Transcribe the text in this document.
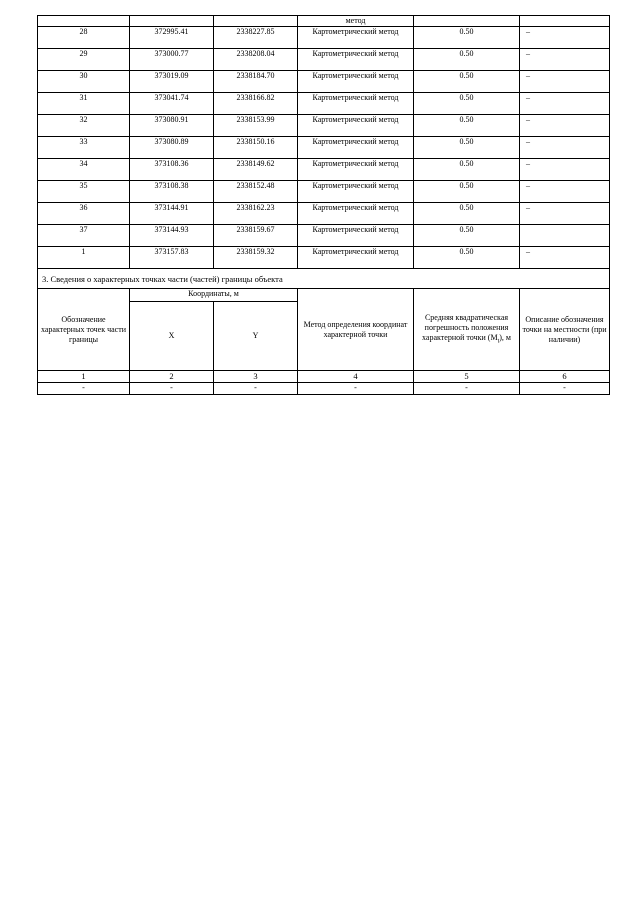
			метод		
28	372995.41	2338227.85	Картометрический метод	0.50	–
29	373000.77	2338208.04	Картометрический метод	0.50	–
30	373019.09	2338184.70	Картометрический метод	0.50	–
31	373041.74	2338166.82	Картометрический метод	0.50	–
32	373080.91	2338153.99	Картометрический метод	0.50	–
33	373080.89	2338150.16	Картометрический метод	0.50	–
34	373108.36	2338149.62	Картометрический метод	0.50	–
35	373108.38	2338152.48	Картометрический метод	0.50	–
36	373144.91	2338162.23	Картометрический метод	0.50	–
37	373144.93	2338159.67	Картометрический метод	0.50	
1	373157.83	2338159.32	Картометрический метод	0.50	–
3. Сведения о характерных точках части (частей) границы объекта					
Обозначение характерных точек части границы	Координаты, м		Метод определения координат характерной точки	Средняя квадратическая погрешность положения характерной точки $(M_t)$, м	Описание обозначения точки на местности (при наличии)
	X	Y			
1	2	3	4	5	6
-	-	-	-	-	-
